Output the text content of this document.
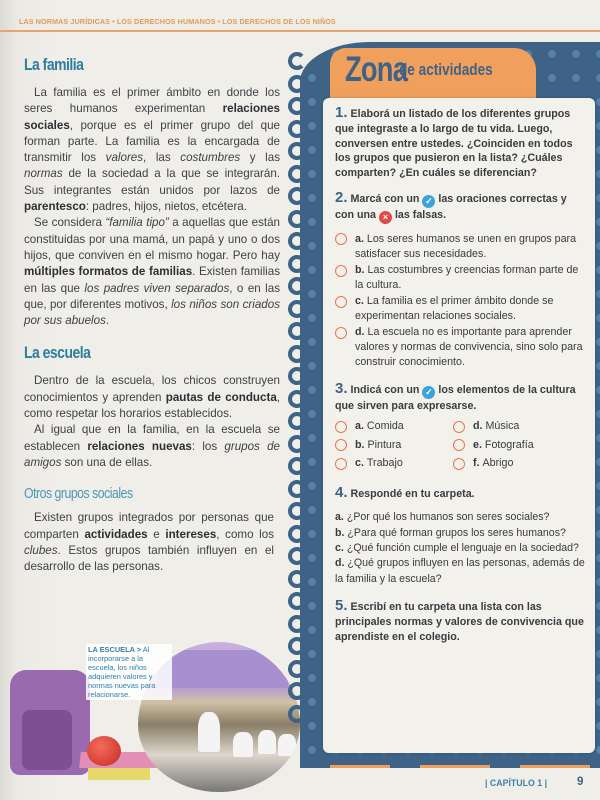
LAS NORMAS JURÍDICAS • LOS DERECHOS HUMANOS • LOS DERECHOS DE LOS NIÑOS
La familia

La familia es el primer ámbito en donde los seres humanos experimentan relaciones sociales, porque es el primer grupo del que forman parte. La familia es la encargada de transmitir los valores, las costumbres y las normas de la sociedad a la que se integrarán. Sus integrantes están unidos por lazos de parentesco: padres, hijos, nietos, etcétera.

Se considera “familia tipo” a aquellas que están constituidas por una mamá, un papá y uno o dos hijos, que conviven en el mismo hogar. Pero hay múltiples formatos de familias. Existen familias en las que los padres viven separados, o en las que, por diferentes motivos, los niños son criados por sus abuelos.

La escuela

Dentro de la escuela, los chicos construyen conocimientos y aprenden pautas de conducta, como respetar los horarios establecidos.

Al igual que en la familia, en la escuela se establecen relaciones nuevas: los grupos de amigos son una de ellas.

Otros grupos sociales

Existen grupos integrados por personas que comparten actividades e intereses, como los clubes. Estos grupos también influyen en el desarrollo de las personas.

LA ESCUELA > Al incorporarse a la escuela, los niños adquieren valores y normas nuevas para relacionarse.
Zona de actividades
1. Elaborá un listado de los diferentes grupos que integraste a lo largo de tu vida. Luego, conversen entre ustedes. ¿Coinciden en todos los grupos que pusieron en la lista? ¿Cuáles comparten? ¿En cuáles se diferencian?
2. Marcá con un ✓ las oraciones correctas y con una × las falsas.
a. Los seres humanos se unen en grupos para satisfacer sus necesidades.
b. Las costumbres y creencias forman parte de la cultura.
c. La familia es el primer ámbito donde se experimentan relaciones sociales.
d. La escuela no es importante para aprender valores y normas de convivencia, sino solo para construir conocimiento.
3. Indicá con un ✓ los elementos de la cultura que sirven para expresarse.
a. Comida	d. Música
b. Pintura	e. Fotografía
c. Trabajo	f. Abrigo
4. Respondé en tu carpeta.
a. ¿Por qué los humanos son seres sociales?
b. ¿Para qué forman grupos los seres humanos?
c. ¿Qué función cumple el lenguaje en la sociedad?
d. ¿Qué grupos influyen en las personas, además de la familia y la escuela?
5. Escribí en tu carpeta una lista con las principales normas y valores de convivencia que aprendiste en el colegio.
| CAPÍTULO 1 |	9
